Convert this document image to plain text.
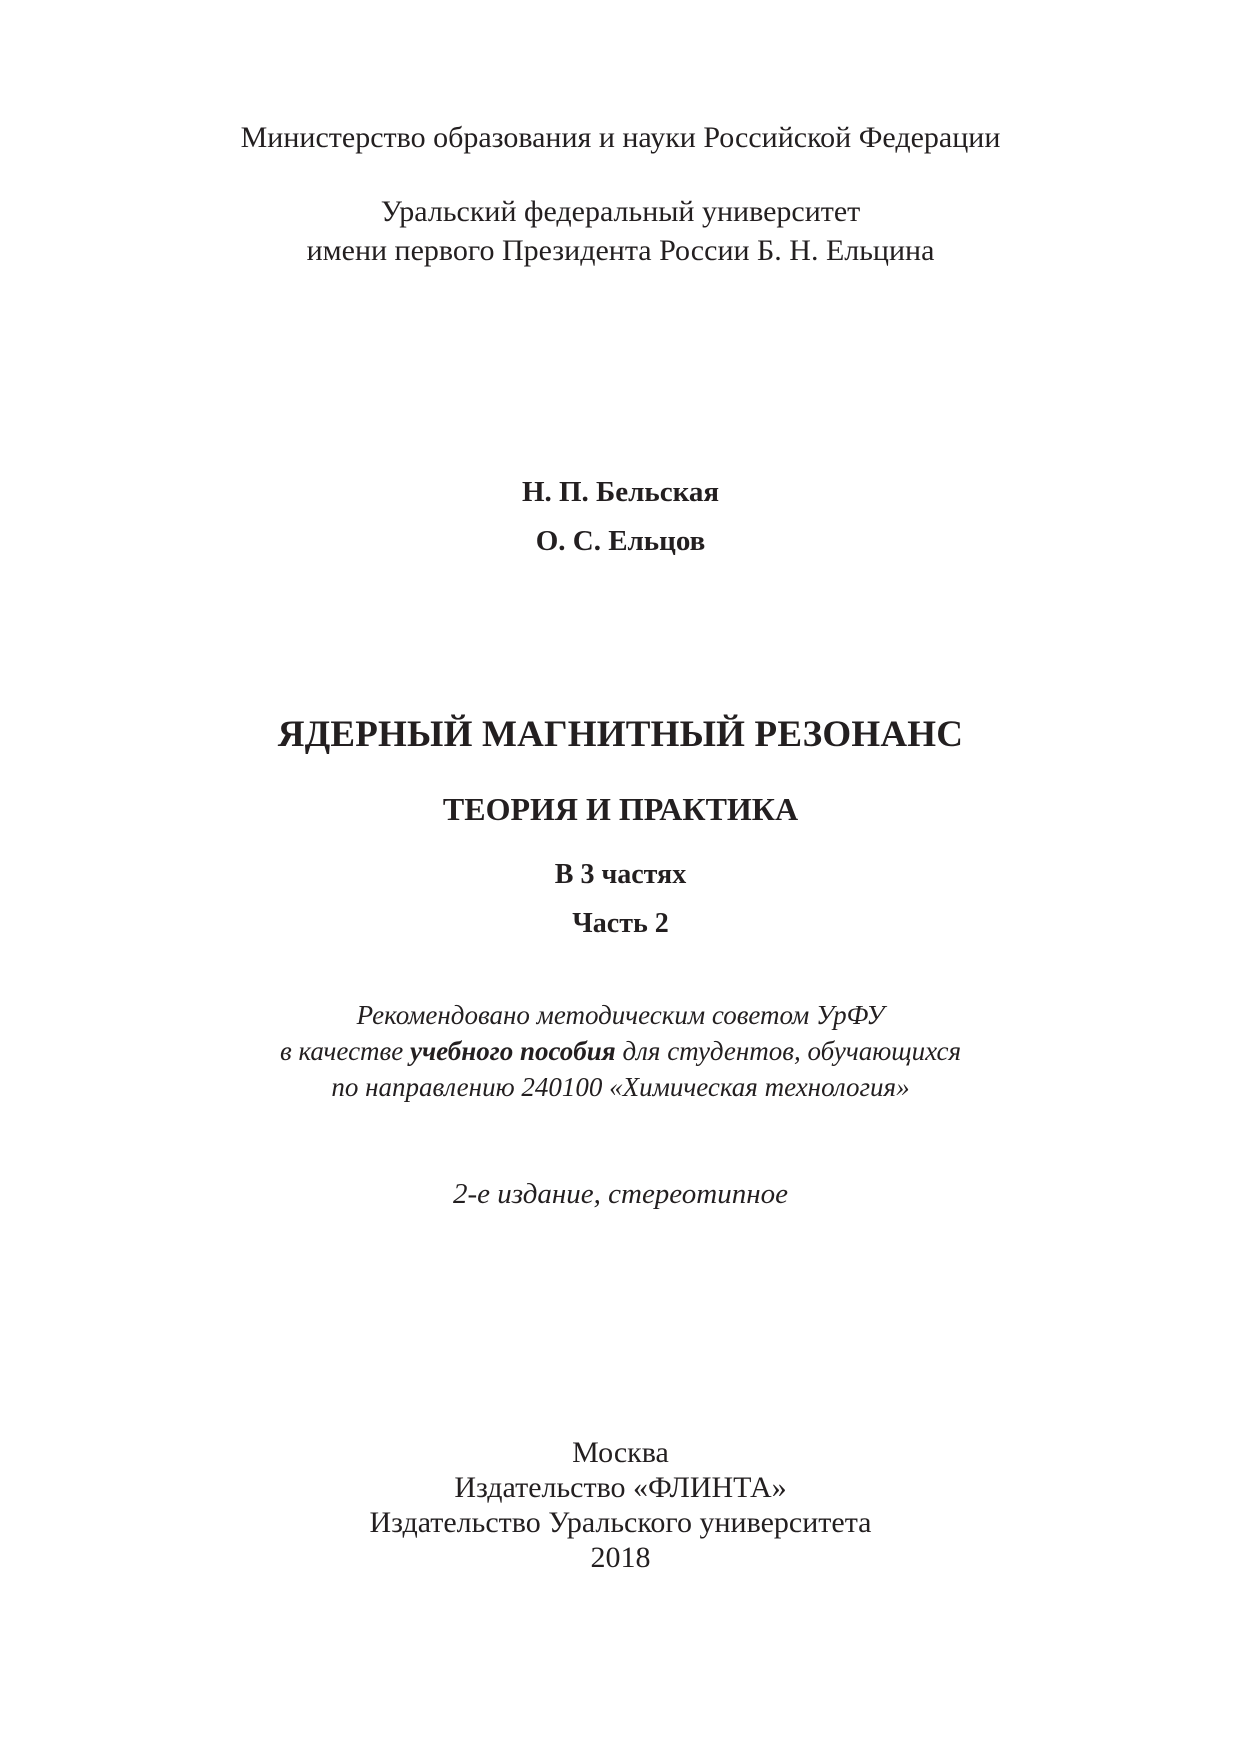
Министерство образования и науки Российской Федерации
Уральский федеральный университет
имени первого Президента России Б. Н. Ельцина
Н. П. Бельская
О. С. Ельцов
ЯДЕРНЫЙ МАГНИТНЫЙ РЕЗОНАНС
ТЕОРИЯ И ПРАКТИКА
В 3 частях
Часть 2
Рекомендовано методическим советом УрФУ
в качестве учебного пособия для студентов, обучающихся
по направлению 240100 «Химическая технология»
2-е издание, стереотипное
Москва
Издательство «ФЛИНТА»
Издательство Уральского университета
2018
